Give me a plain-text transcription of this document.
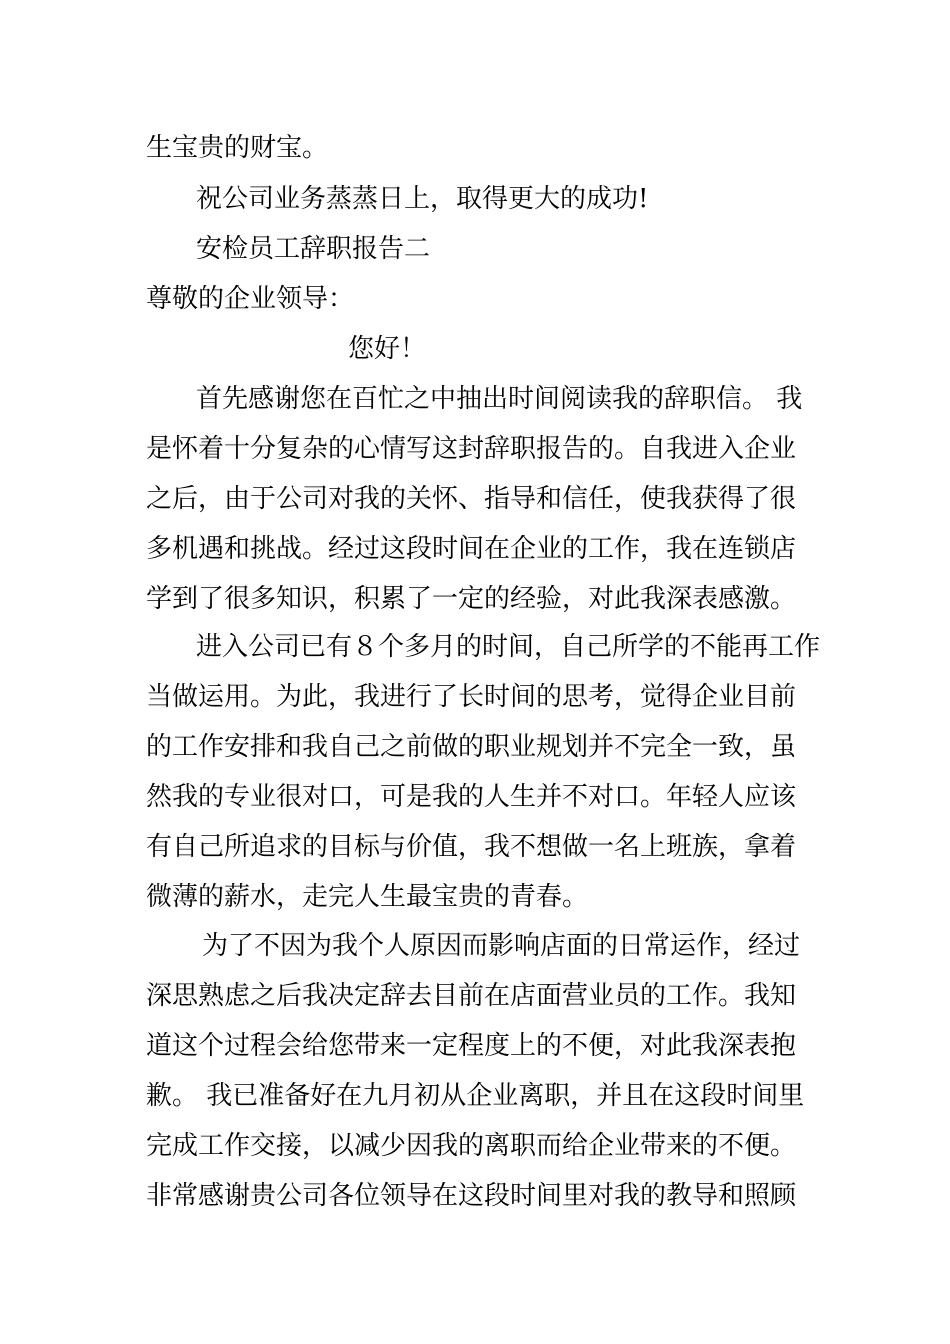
生宝贵的财宝。
祝公司业务蒸蒸日上，取得更大的成功!
安检员工辞职报告二
尊敬的企业领导：
您好！
首先感谢您在百忙之中抽出时间阅读我的辞职信。 我
是怀着十分复杂的心情写这封辞职报告的。自我进入企业
之后，由于公司对我的关怀、指导和信任，使我获得了很
多机遇和挑战。经过这段时间在企业的工作，我在连锁店
学到了很多知识，积累了一定的经验，对此我深表感激。
进入公司已有８个多月的时间，自己所学的不能再工作
当做运用。为此，我进行了长时间的思考，觉得企业目前
的工作安排和我自己之前做的职业规划并不完全一致，虽
然我的专业很对口，可是我的人生并不对口。年轻人应该
有自己所追求的目标与价值，我不想做一名上班族，拿着
微薄的薪水，走完人生最宝贵的青春。
为了不因为我个人原因而影响店面的日常运作，经过
深思熟虑之后我决定辞去目前在店面营业员的工作。我知
道这个过程会给您带来一定程度上的不便，对此我深表抱
歉。 我已准备好在九月初从企业离职，并且在这段时间里
完成工作交接，以减少因我的离职而给企业带来的不便。
非常感谢贵公司各位领导在这段时间里对我的教导和照顾
